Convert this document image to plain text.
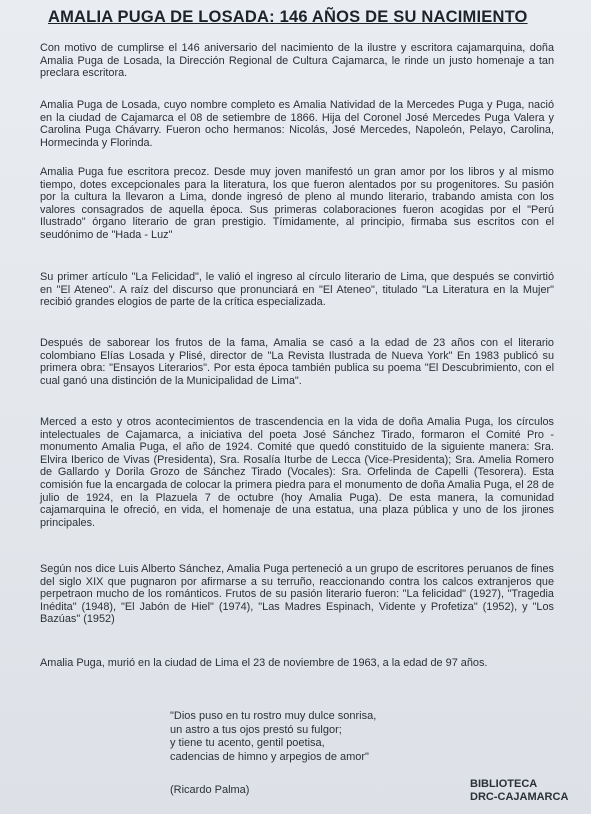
AMALIA PUGA DE LOSADA: 146 AÑOS DE SU NACIMIENTO

Con motivo de cumplirse el 146 aniversario del nacimiento de la ilustre y escritora cajamarquina, doña Amalia Puga de Losada, la Dirección Regional de Cultura Cajamarca, le rinde un justo homenaje a tan preclara escritora.

Amalia Puga de Losada, cuyo nombre completo es Amalia Natividad de la Mercedes Puga y Puga, nació en la ciudad de Cajamarca el 08 de setiembre de 1866. Hija del Coronel José Mercedes Puga Valera y Carolina Puga Chávarry. Fueron ocho hermanos: Nicolás, José Mercedes, Napoleón, Pelayo, Carolina, Hormecinda y Florinda.

Amalia Puga fue escritora precoz. Desde muy joven manifestó un gran amor por los libros y al mismo tiempo, dotes excepcionales para la literatura, los que fueron alentados por su progenitores. Su pasión por la cultura la llevaron a Lima, donde ingresó de pleno al mundo literario, trabando amista con los valores consagrados de aquella época. Sus primeras colaboraciones fueron acogidas por el "Perú Ilustrado" órgano literario de gran prestigio. Tímidamente, al principio, firmaba sus escritos con el seudónimo de "Hada - Luz"

Su primer artículo "La Felicidad", le valió el ingreso al círculo literario de Lima, que después se convirtió en "El Ateneo". A raíz del discurso que pronunciará en "El Ateneo", titulado "La Literatura en la Mujer" recibió grandes elogios de parte de la crítica especializada.

Después de saborear los frutos de la fama, Amalia se casó a la edad de 23 años con el literario colombiano Elías Losada y Plisé, director de "La Revista Ilustrada de Nueva York" En 1983 publicó su primera obra: "Ensayos Literarios". Por esta época también publica su poema "El Descubrimiento, con el cual ganó una distinción de la Municipalidad de Lima".

Merced a esto y otros acontecimientos de trascendencia en la vida de doña Amalia Puga, los círculos intelectuales de Cajamarca, a iniciativa del poeta José Sánchez Tirado, formaron el Comité Pro - monumento Amalia Puga, el año de 1924. Comité que quedó constituido de la siguiente manera: Sra. Elvira Iberico de Vivas (Presidenta), Sra. Rosalía Iturbe de Lecca (Vice-Presidenta); Sra. Amelia Romero de Gallardo y Dorila Grozo de Sánchez Tirado (Vocales): Sra. Orfelinda de Capelli (Tesorera). Esta comisión fue la encargada de colocar la primera piedra para el monumento de doña Amalia Puga, el 28 de julio de 1924, en la Plazuela 7 de octubre (hoy Amalia Puga). De esta manera, la comunidad cajamarquina le ofreció, en vida, el homenaje de una estatua, una plaza pública y uno de los jirones principales.

Según nos dice Luis Alberto Sánchez, Amalia Puga perteneció a un grupo de escritores peruanos de fines del siglo XIX que pugnaron por afirmarse a su terruño, reaccionando contra los calcos extranjeros que perpetraon mucho de los románticos. Frutos de su pasión literario fueron: "La felicidad" (1927), "Tragedia Inédita" (1948), "El Jabón de Hiel" (1974), "Las Madres Espinach, Vidente y Profetiza" (1952), y "Los Bazúas" (1952)

Amalia Puga, murió en la ciudad de Lima el 23 de noviembre de 1963, a la edad de 97 años.

"Dios puso en tu rostro muy dulce sonrisa,
un astro a tus ojos prestó su fulgor;
y tiene tu acento, gentil poetisa,
cadencias de himno y arpegios de amor"
(Ricardo Palma)	BIBLIOTECA
DRC-CAJAMARCA
